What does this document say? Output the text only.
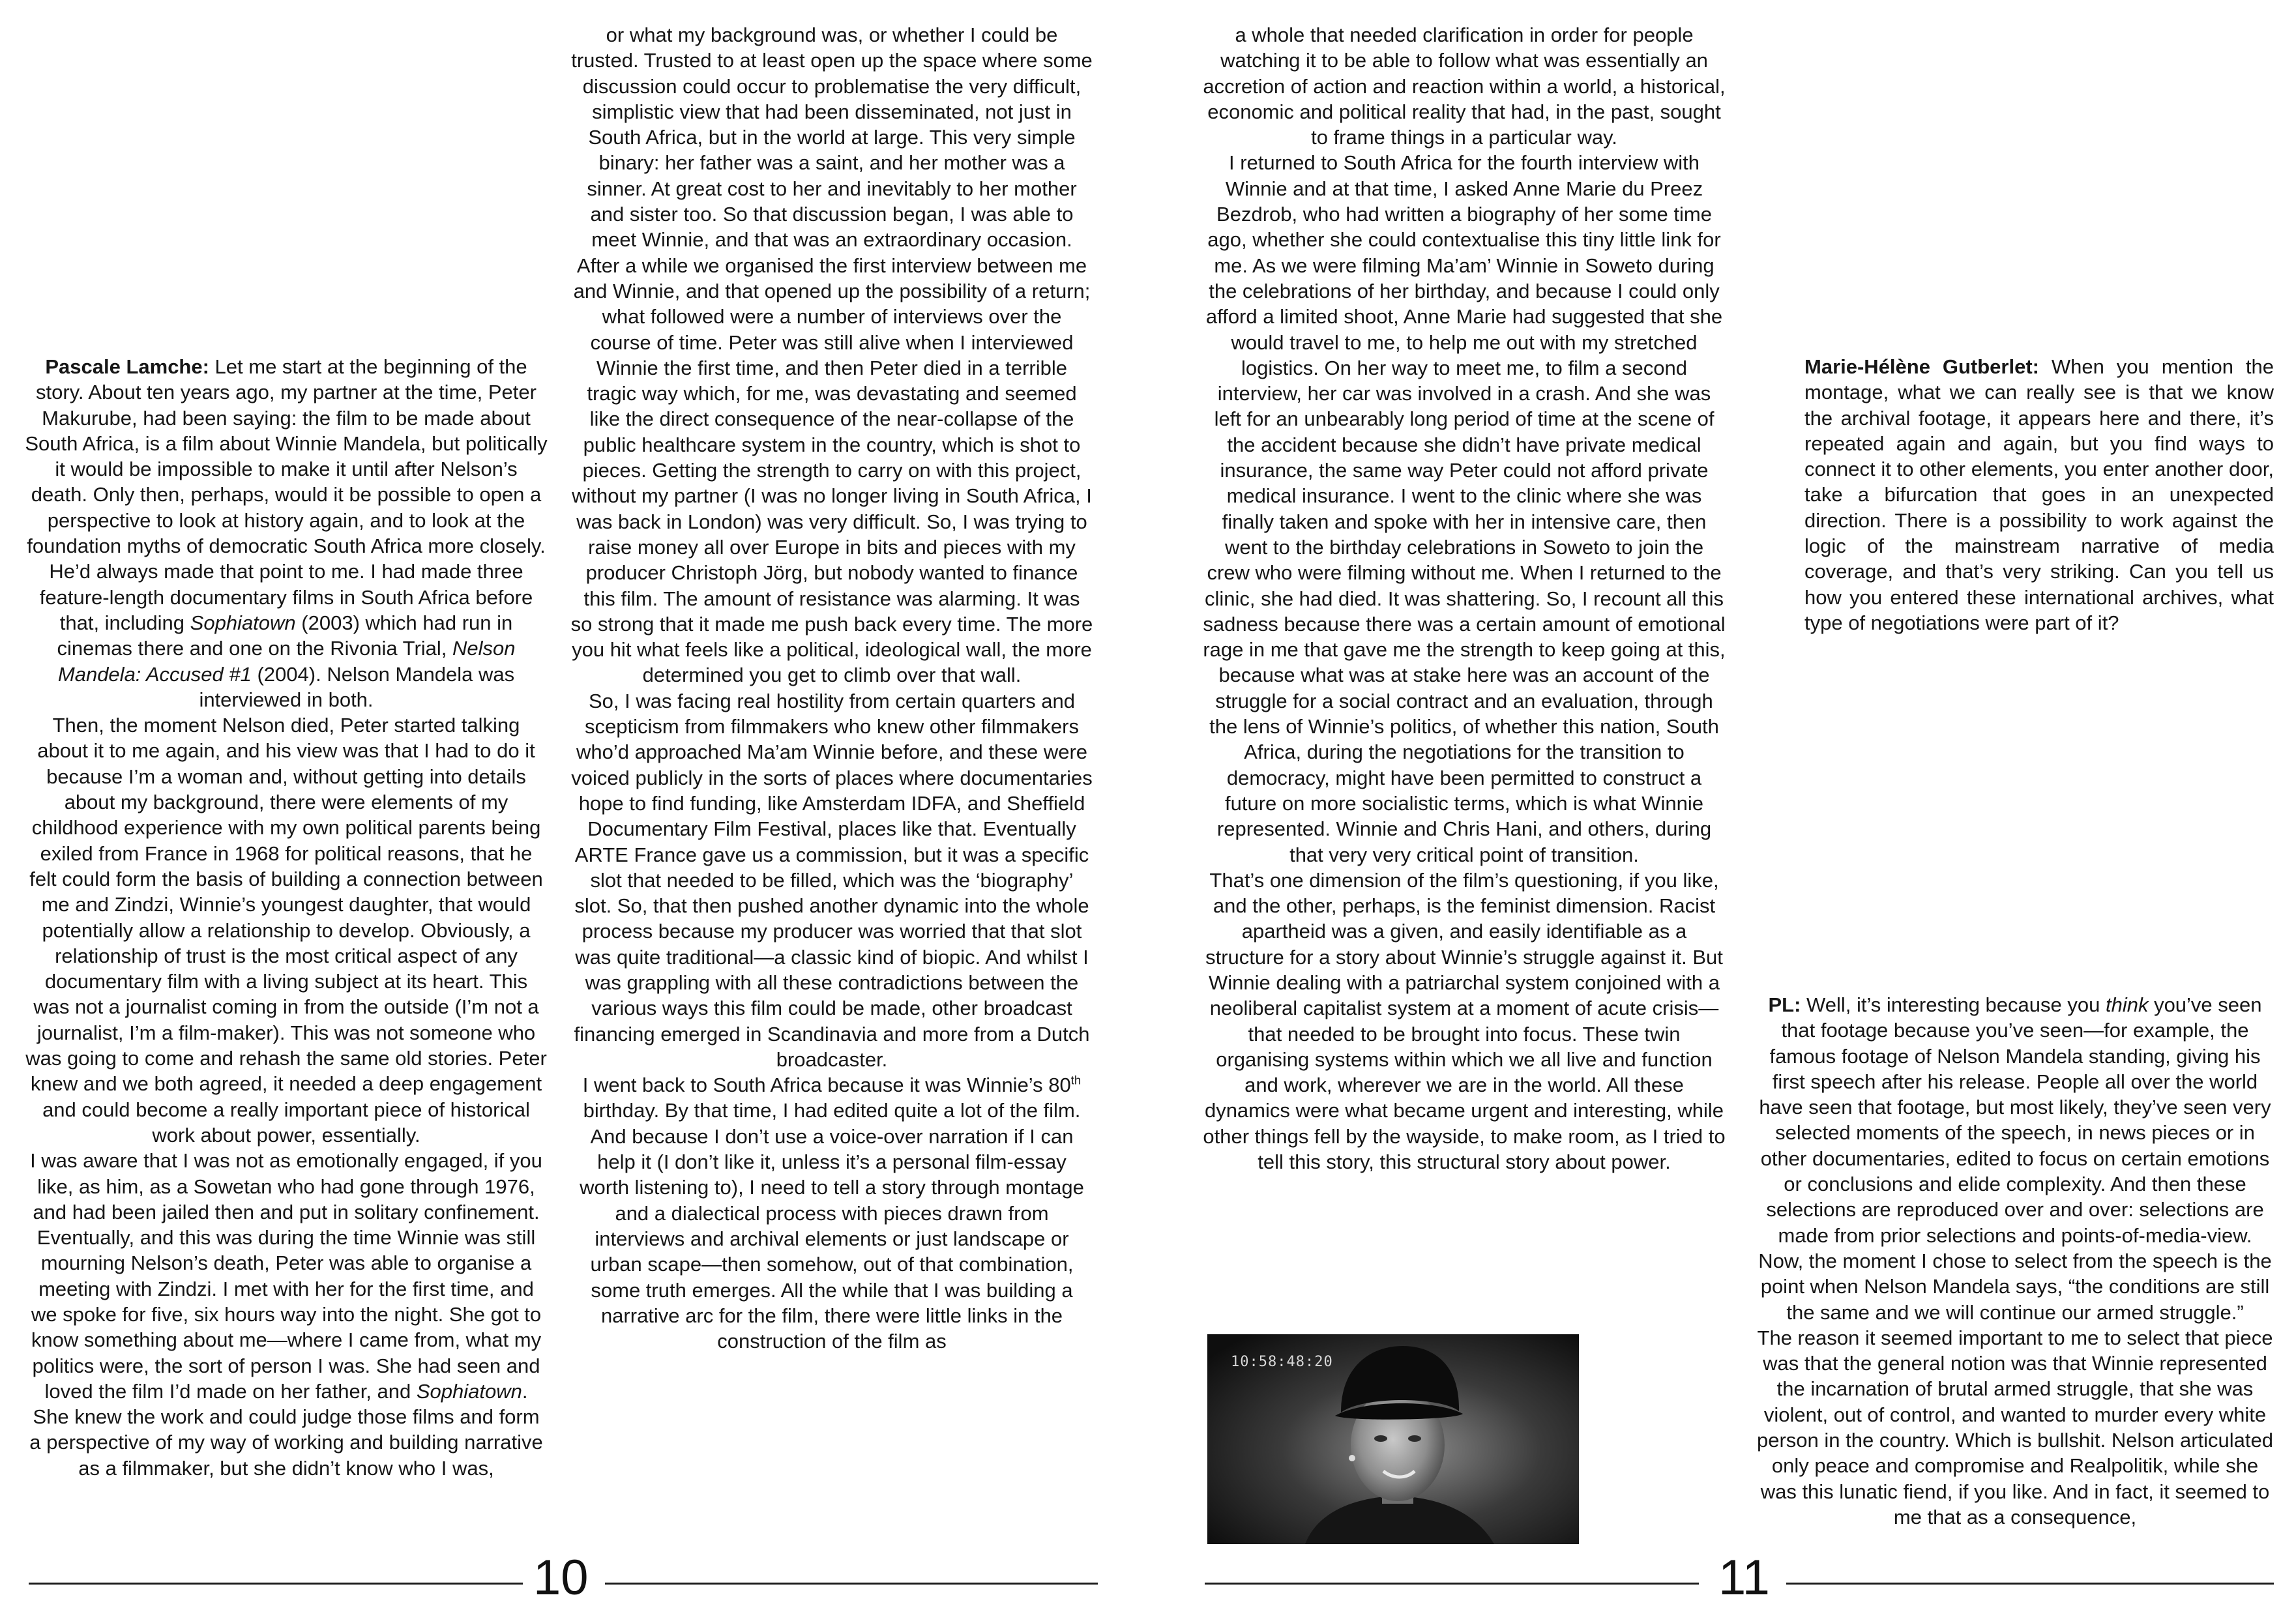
Pascale Lamche: Let me start at the beginning of the story. About ten years ago, my partner at the time, Peter Makurube, had been saying: the film to be made about South Africa, is a film about Winnie Mandela, but politically it would be impossible to make it until after Nelson’s death. Only then, perhaps, would it be possible to open a perspective to look at history again, and to look at the foundation myths of democratic South Africa more closely. He’d always made that point to me. I had made three feature-length documentary films in South Africa before that, including Sophiatown (2003) which had run in cinemas there and one on the Rivonia Trial, Nelson Mandela: Accused #1 (2004). Nelson Mandela was interviewed in both.

Then, the moment Nelson died, Peter started talking about it to me again, and his view was that I had to do it because I’m a woman and, without getting into details about my background, there were elements of my childhood experience with my own political parents being exiled from France in 1968 for political reasons, that he felt could form the basis of building a connection between me and Zindzi, Winnie’s youngest daughter, that would potentially allow a relationship to develop. Obviously, a relationship of trust is the most critical aspect of any documentary film with a living subject at its heart. This was not a journalist coming in from the outside (I’m not a journalist, I’m a film-maker). This was not someone who was going to come and rehash the same old stories. Peter knew and we both agreed, it needed a deep engagement and could become a really important piece of historical work about power, essentially.

I was aware that I was not as emotionally engaged, if you like, as him, as a Sowetan who had gone through 1976, and had been jailed then and put in solitary confinement. Eventually, and this was during the time Winnie was still mourning Nelson’s death, Peter was able to organise a meeting with Zindzi. I met with her for the first time, and we spoke for five, six hours way into the night. She got to know something about me—where I came from, what my politics were, the sort of person I was. She had seen and loved the film I’d made on her father, and Sophiatown. She knew the work and could judge those films and form a perspective of my way of working and building narrative as a filmmaker, but she didn’t know who I was,

or what my background was, or whether I could be trusted. Trusted to at least open up the space where some discussion could occur to problematise the very difficult, simplistic view that had been disseminated, not just in South Africa, but in the world at large. This very simple binary: her father was a saint, and her mother was a sinner. At great cost to her and inevitably to her mother and sister too. So that discussion began, I was able to meet Winnie, and that was an extraordinary occasion.

After a while we organised the first interview between me and Winnie, and that opened up the possibility of a return; what followed were a number of interviews over the course of time. Peter was still alive when I interviewed Winnie the first time, and then Peter died in a terrible tragic way which, for me, was devastating and seemed like the direct consequence of the near-collapse of the public healthcare system in the country, which is shot to pieces. Getting the strength to carry on with this project, without my partner (I was no longer living in South Africa, I was back in London) was very difficult. So, I was trying to raise money all over Europe in bits and pieces with my producer Christoph Jörg, but nobody wanted to finance this film. The amount of resistance was alarming. It was so strong that it made me push back every time. The more you hit what feels like a political, ideological wall, the more determined you get to climb over that wall.

So, I was facing real hostility from certain quarters and scepticism from filmmakers who knew other filmmakers who’d approached Ma’am Winnie before, and these were voiced publicly in the sorts of places where documentaries hope to find funding, like Amsterdam IDFA, and Sheffield Documentary Film Festival, places like that. Eventually ARTE France gave us a commission, but it was a specific slot that needed to be filled, which was the ‘biography’ slot. So, that then pushed another dynamic into the whole process because my producer was worried that that slot was quite traditional—a classic kind of biopic. And whilst I was grappling with all these contradictions between the various ways this film could be made, other broadcast financing emerged in Scandinavia and more from a Dutch broadcaster.

I went back to South Africa because it was Winnie’s 80th birthday. By that time, I had edited quite a lot of the film. And because I don’t use a voice-over narration if I can help it (I don’t like it, unless it’s a personal film-essay worth listening to), I need to tell a story through montage and a dialectical process with pieces drawn from interviews and archival elements or just landscape or urban scape—then somehow, out of that combination, some truth emerges. All the while that I was building a narrative arc for the film, there were little links in the construction of the film as

a whole that needed clarification in order for people watching it to be able to follow what was essentially an accretion of action and reaction within a world, a historical, economic and political reality that had, in the past, sought to frame things in a particular way.

I returned to South Africa for the fourth interview with Winnie and at that time, I asked Anne Marie du Preez Bezdrob, who had written a biography of her some time ago, whether she could contextualise this tiny little link for me. As we were filming Ma’am’ Winnie in Soweto during the celebrations of her birthday, and because I could only afford a limited shoot, Anne Marie had suggested that she would travel to me, to help me out with my stretched logistics. On her way to meet me, to film a second interview, her car was involved in a crash. And she was left for an unbearably long period of time at the scene of the accident because she didn’t have private medical insurance, the same way Peter could not afford private medical insurance. I went to the clinic where she was finally taken and spoke with her in intensive care, then went to the birthday celebrations in Soweto to join the crew who were filming without me. When I returned to the clinic, she had died. It was shattering. So, I recount all this sadness because there was a certain amount of emotional rage in me that gave me the strength to keep going at this, because what was at stake here was an account of the struggle for a social contract and an evaluation, through the lens of Winnie’s politics, of whether this nation, South Africa, during the negotiations for the transition to democracy, might have been permitted to construct a future on more socialistic terms, which is what Winnie represented. Winnie and Chris Hani, and others, during that very very critical point of transition.

That’s one dimension of the film’s questioning, if you like, and the other, perhaps, is the feminist dimension. Racist apartheid was a given, and easily identifiable as a structure for a story about Winnie’s struggle against it. But Winnie dealing with a patriarchal system conjoined with a neoliberal capitalist system at a moment of acute crisis—that needed to be brought into focus. These twin organising systems within which we all live and function and work, wherever we are in the world. All these dynamics were what became urgent and interesting, while other things fell by the wayside, to make room, as I tried to tell this story, this structural story about power.

10:58:48:20

Marie-Hélène Gutberlet: When you mention the montage, what we can really see is that we know the archival footage, it appears here and there, it’s repeated again and again, but you find ways to connect it to other elements, you enter another door, take a bifurcation that goes in an unexpected direction. There is a possibility to work against the logic of the mainstream narrative of media coverage, and that’s very striking. Can you tell us how you entered these international archives, what type of negotiations were part of it?

PL: Well, it’s interesting because you think you’ve seen that footage because you’ve seen—for example, the famous footage of Nelson Mandela standing, giving his first speech after his release. People all over the world have seen that footage, but most likely, they’ve seen very selected moments of the speech, in news pieces or in other documentaries, edited to focus on certain emotions or conclusions and elide complexity. And then these selections are reproduced over and over: selections are made from prior selections and points-of-media-view. Now, the moment I chose to select from the speech is the point when Nelson Mandela says, “the conditions are still the same and we will continue our armed struggle.”

The reason it seemed important to me to select that piece was that the general notion was that Winnie represented the incarnation of brutal armed struggle, that she was violent, out of control, and wanted to murder every white person in the country. Which is bullshit. Nelson articulated only peace and compromise and Realpolitik, while she was this lunatic fiend, if you like. And in fact, it seemed to me that as a consequence,

10	11
